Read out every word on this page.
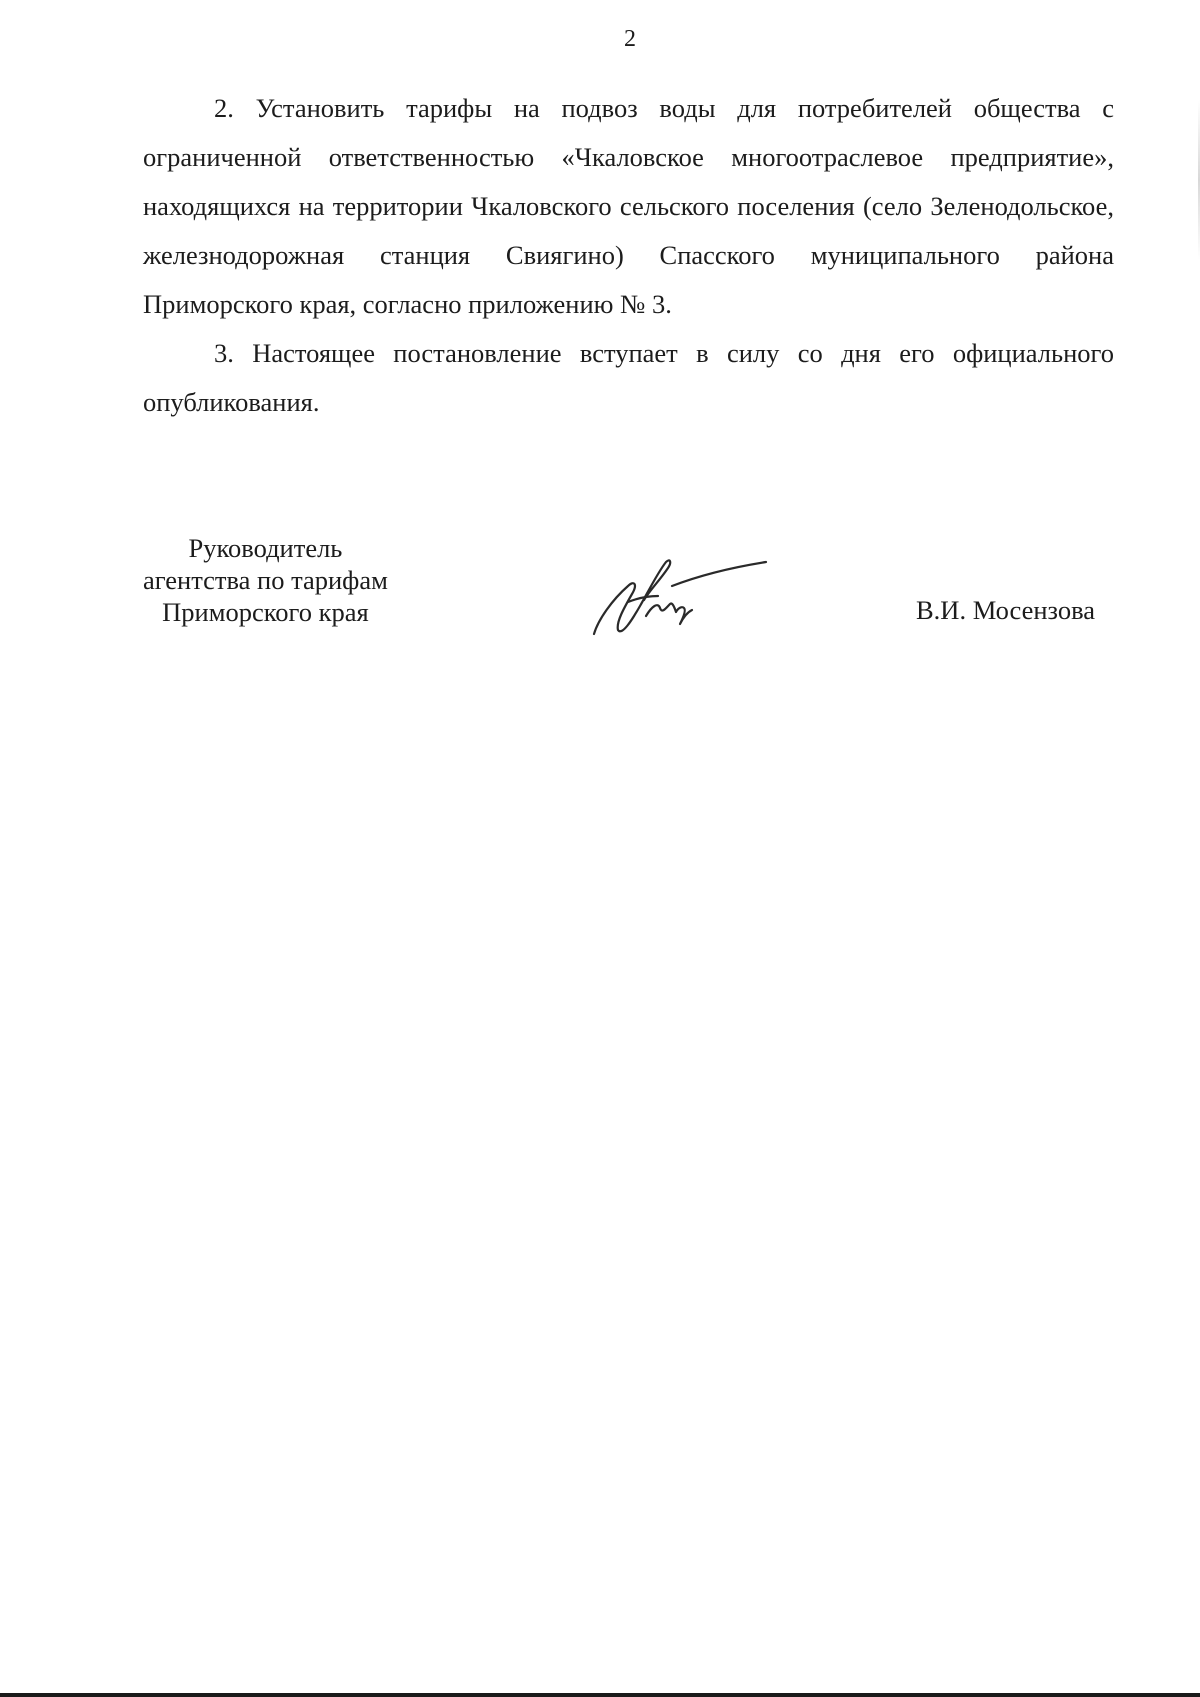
2

2. Установить тарифы на подвоз воды для потребителей общества с ограниченной ответственностью «Чкаловское многоотраслевое предприятие», находящихся на территории Чкаловского сельского поселения (село Зеленодольское, железнодорожная станция Свиягино) Спасского муниципального района Приморского края, согласно приложению № 3.

3. Настоящее постановление вступает в силу со дня его официального опубликования.

Руководитель
агентства по тарифам
Приморского края	В.И. Мосензова
